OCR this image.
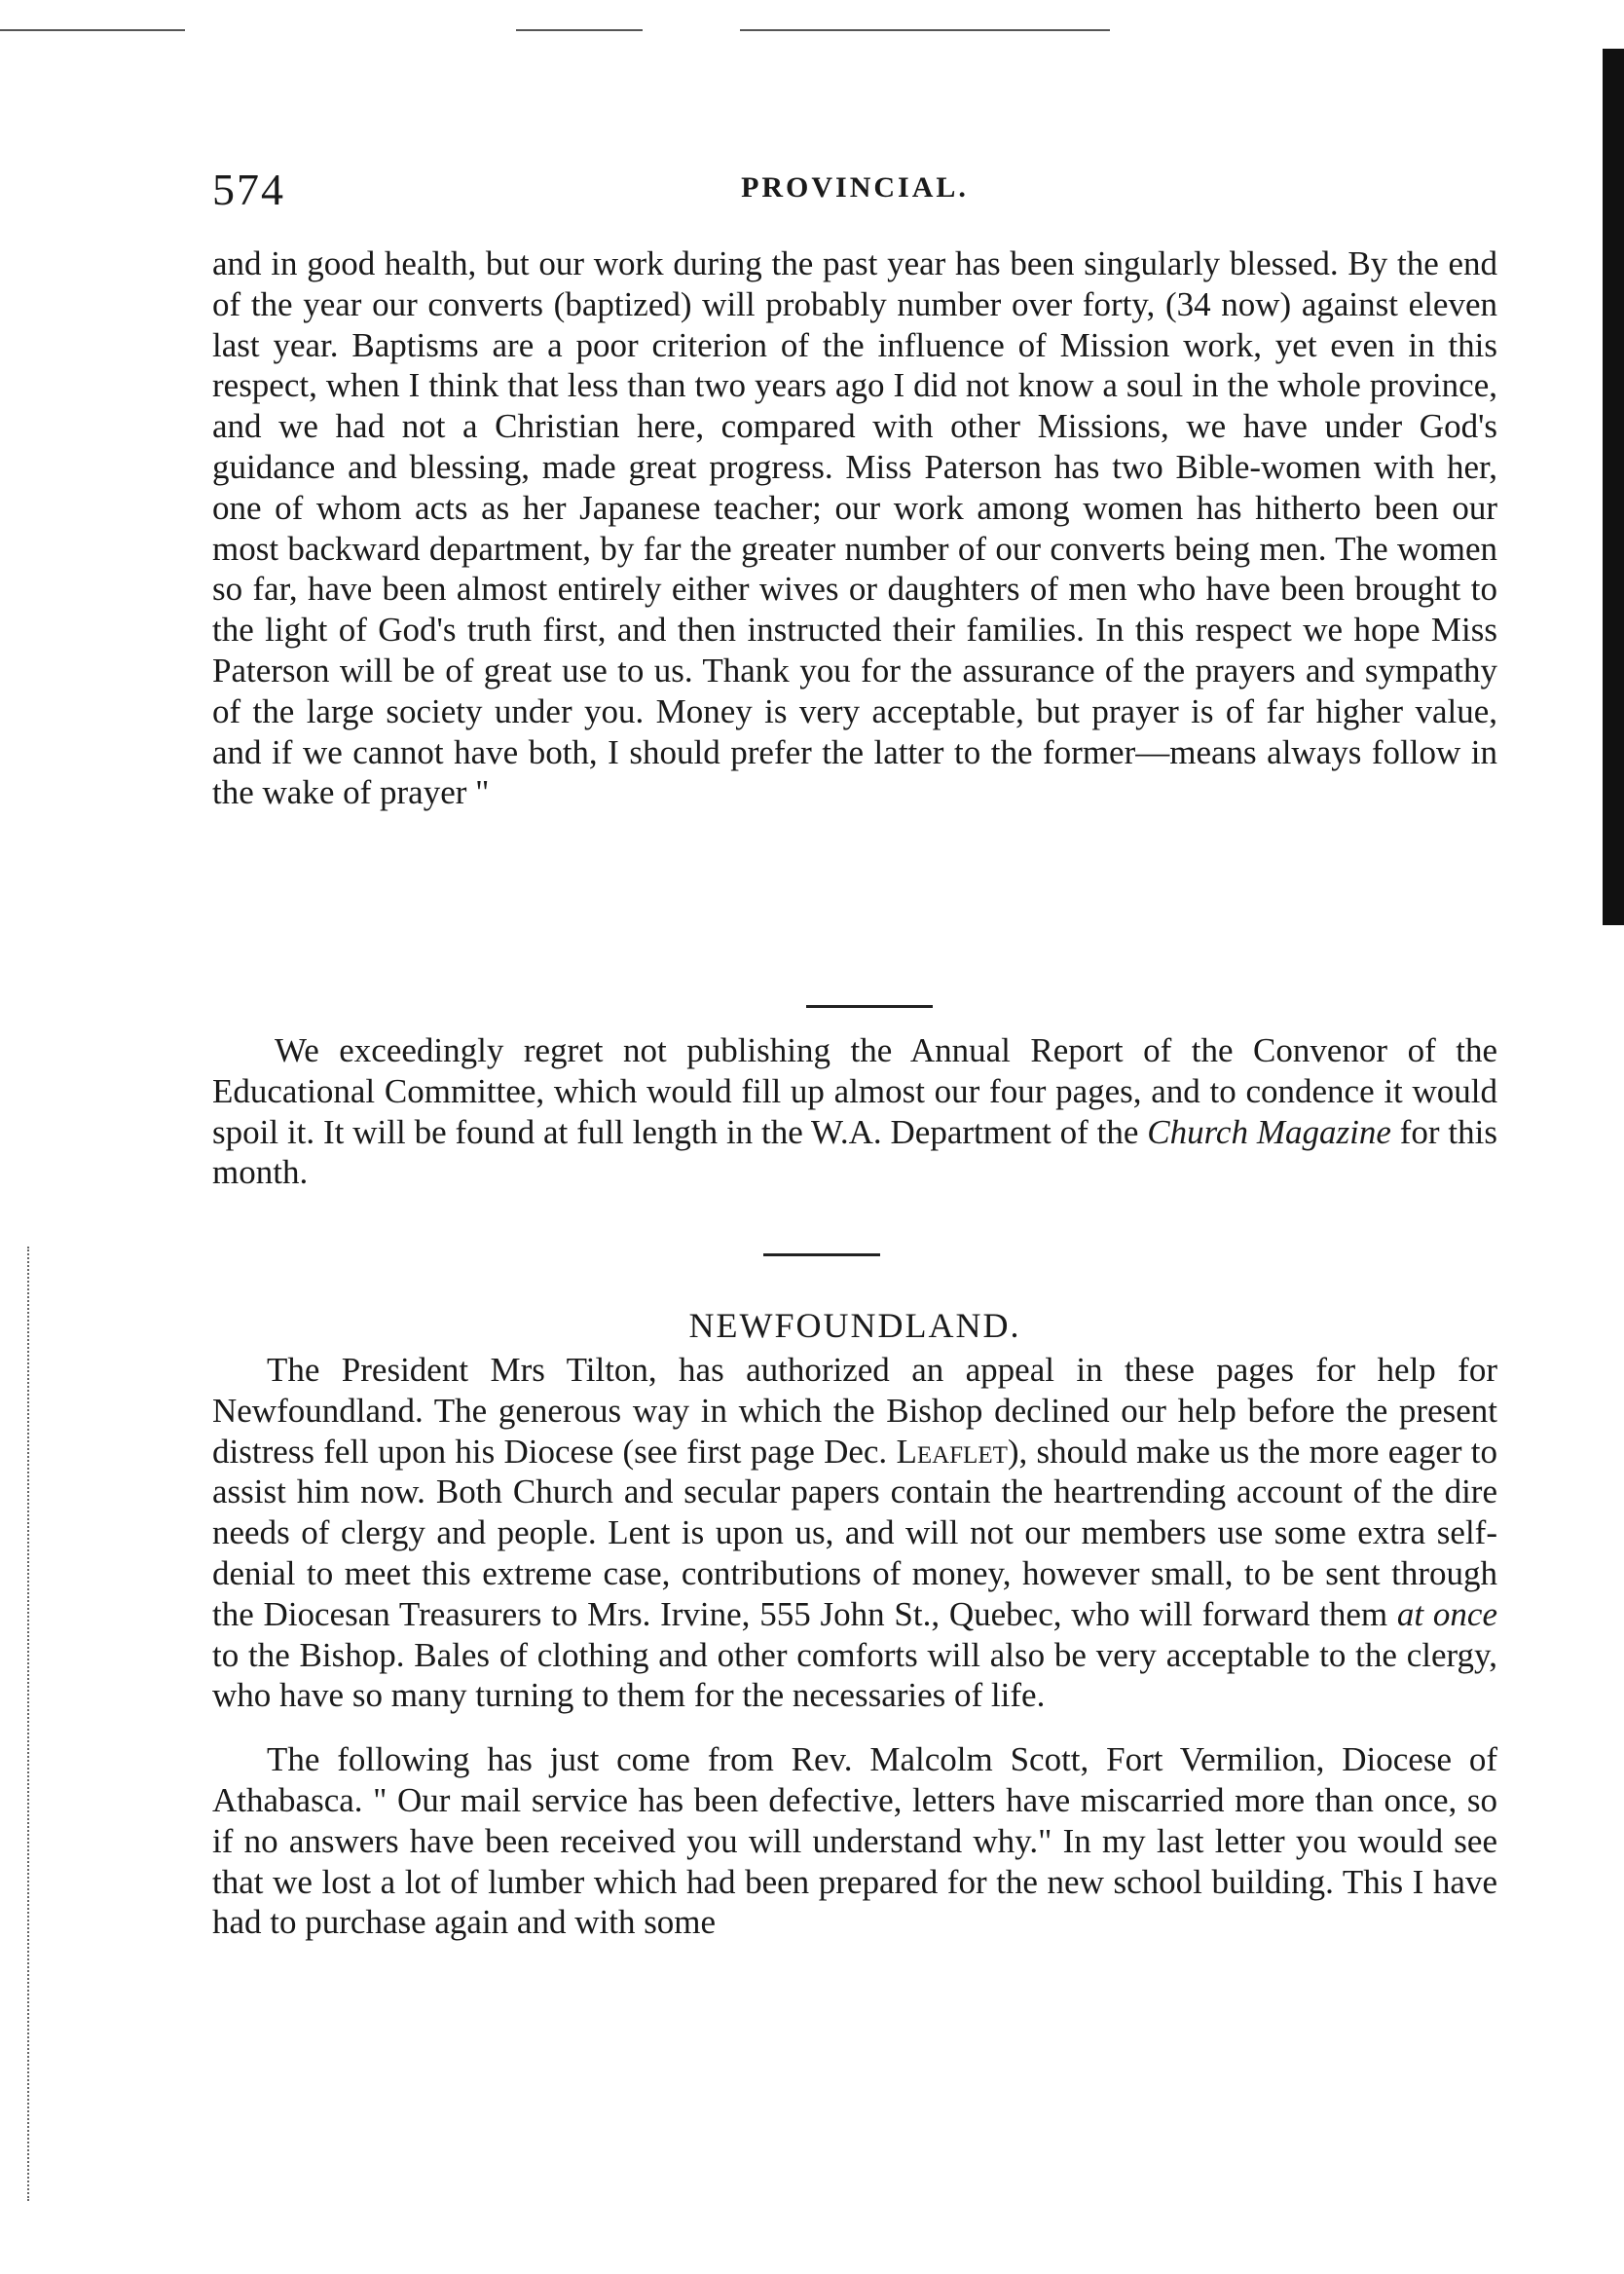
574	PROVINCIAL.

and in good health, but our work during the past year has been singularly blessed. By the end of the year our converts (baptized) will probably number over forty, (34 now) against eleven last year. Baptisms are a poor criterion of the influence of Mission work, yet even in this respect, when I think that less than two years ago I did not know a soul in the whole province, and we had not a Christian here, compared with other Missions, we have under God's guidance and blessing, made great progress. Miss Paterson has two Bible-women with her, one of whom acts as her Japanese teacher; our work among women has hitherto been our most backward department, by far the greater number of our converts being men. The women so far, have been almost entirely either wives or daughters of men who have been brought to the light of God's truth first, and then instructed their families. In this respect we hope Miss Paterson will be of great use to us. Thank you for the assurance of the prayers and sympathy of the large society under you. Money is very acceptable, but prayer is of far higher value, and if we cannot have both, I should prefer the latter to the former—means always follow in the wake of prayer "

We exceedingly regret not publishing the Annual Report of the Convenor of the Educational Committee, which would fill up almost our four pages, and to condence it would spoil it. It will be found at full length in the W.A. Department of the Church Magazine for this month.

NEWFOUNDLAND.

The President Mrs Tilton, has authorized an appeal in these pages for help for Newfoundland. The generous way in which the Bishop declined our help before the present distress fell upon his Diocese (see first page Dec. Leaflet), should make us the more eager to assist him now. Both Church and secular papers contain the heartrending account of the dire needs of clergy and people. Lent is upon us, and will not our members use some extra self-denial to meet this extreme case, contributions of money, however small, to be sent through the Diocesan Treasurers to Mrs. Irvine, 555 John St., Quebec, who will forward them at once to the Bishop. Bales of clothing and other comforts will also be very acceptable to the clergy, who have so many turning to them for the necessaries of life.

The following has just come from Rev. Malcolm Scott, Fort Vermilion, Diocese of Athabasca. " Our mail service has been defective, letters have miscarried more than once, so if no answers have been received you will understand why." In my last letter you would see that we lost a lot of lumber which had been prepared for the new school building. This I have had to purchase again and with some
